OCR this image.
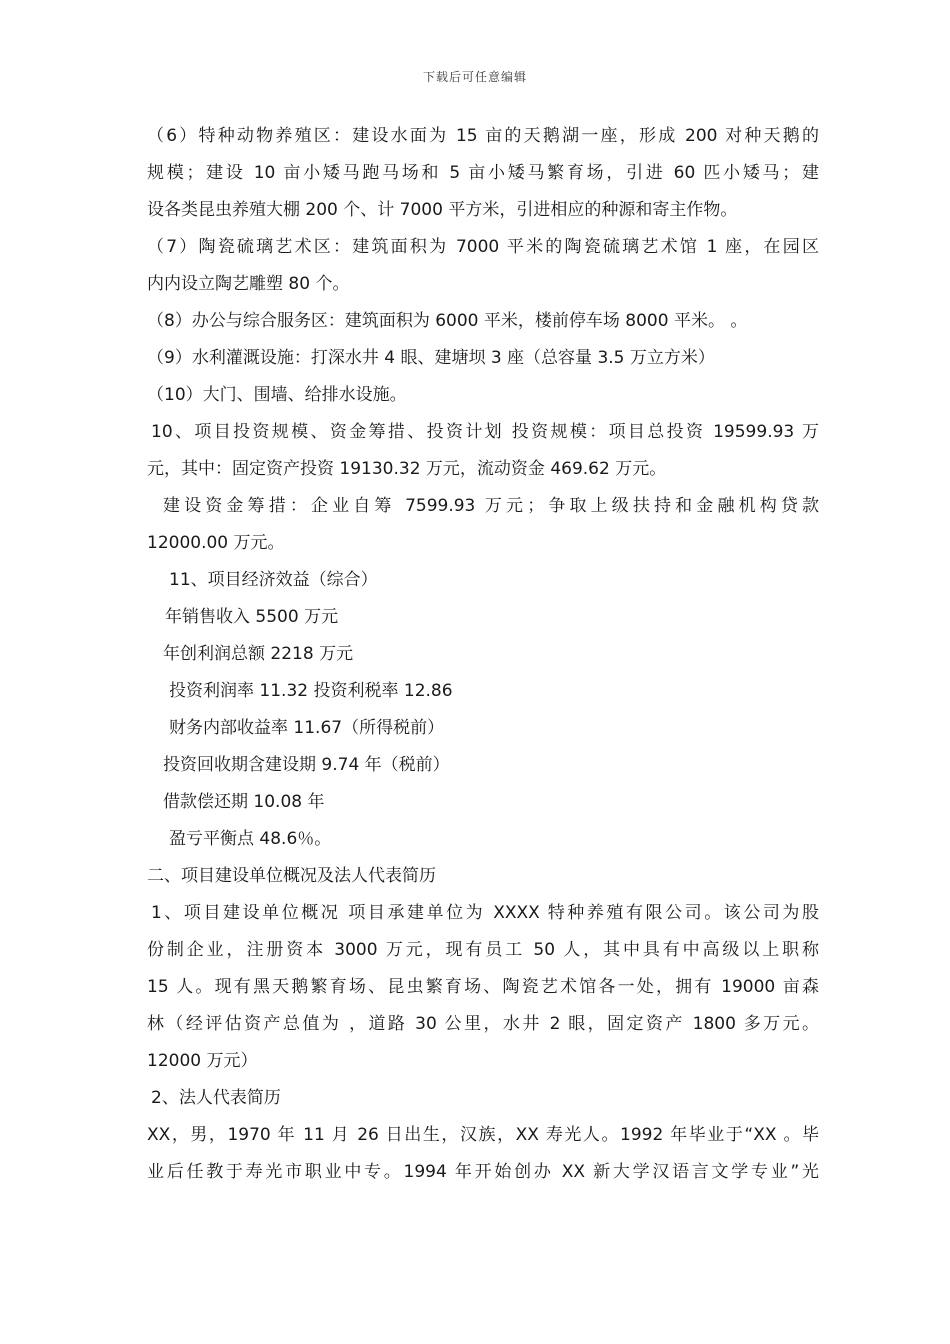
下载后可任意编辑
（6）特种动物养殖区：建设水面为 15 亩的天鹅湖一座，形成 200 对种天鹅的
规模；建设 10 亩小矮马跑马场和 5 亩小矮马繁育场，引进 60 匹小矮马；建
设各类昆虫养殖大棚 200 个、计 7000 平方米，引进相应的种源和寄主作物。
（7）陶瓷硫璃艺术区：建筑面积为 7000 平米的陶瓷硫璃艺术馆 1 座，在园区
内内设立陶艺雕塑 80 个。
（8）办公与综合服务区：建筑面积为 6000 平米，楼前停车场 8000 平米。 。
（9）水利灌溉设施：打深水井 4 眼、建塘坝 3 座（总容量 3.5 万立方米）
（10）大门、围墙、给排水设施。
10、项目投资规模、资金筹措、投资计划 投资规模：项目总投资 19599.93 万
元，其中：固定资产投资 19130.32 万元，流动资金 469.62 万元。
建设资金筹措：企业自筹 7599.93 万元；争取上级扶持和金融机构贷款
12000.00 万元。
11、项目经济效益（综合）
年销售收入 5500 万元
年创利润总额 2218 万元
投资利润率 11.32 投资利税率 12.86
财务内部收益率 11.67（所得税前）
投资回收期含建设期 9.74 年（税前）
借款偿还期 10.08 年
盈亏平衡点 48.6％。
二、项目建设单位概况及法人代表简历
1、项目建设单位概况 项目承建单位为 XXXX 特种养殖有限公司。该公司为股
份制企业，注册资本 3000 万元，现有员工 50 人，其中具有中高级以上职称
15 人。现有黑天鹅繁育场、昆虫繁育场、陶瓷艺术馆各一处，拥有 19000 亩森
林（经评估资产总值为 ，道路 30 公里，水井 2 眼，固定资产 1800 多万元。
12000 万元）
2、法人代表简历
XX，男，1970 年 11 月 26 日出生，汉族，XX 寿光人。1992 年毕业于“XX 。毕
业后任教于寿光市职业中专。1994 年开始创办 XX 新大学汉语言文学专业”光
